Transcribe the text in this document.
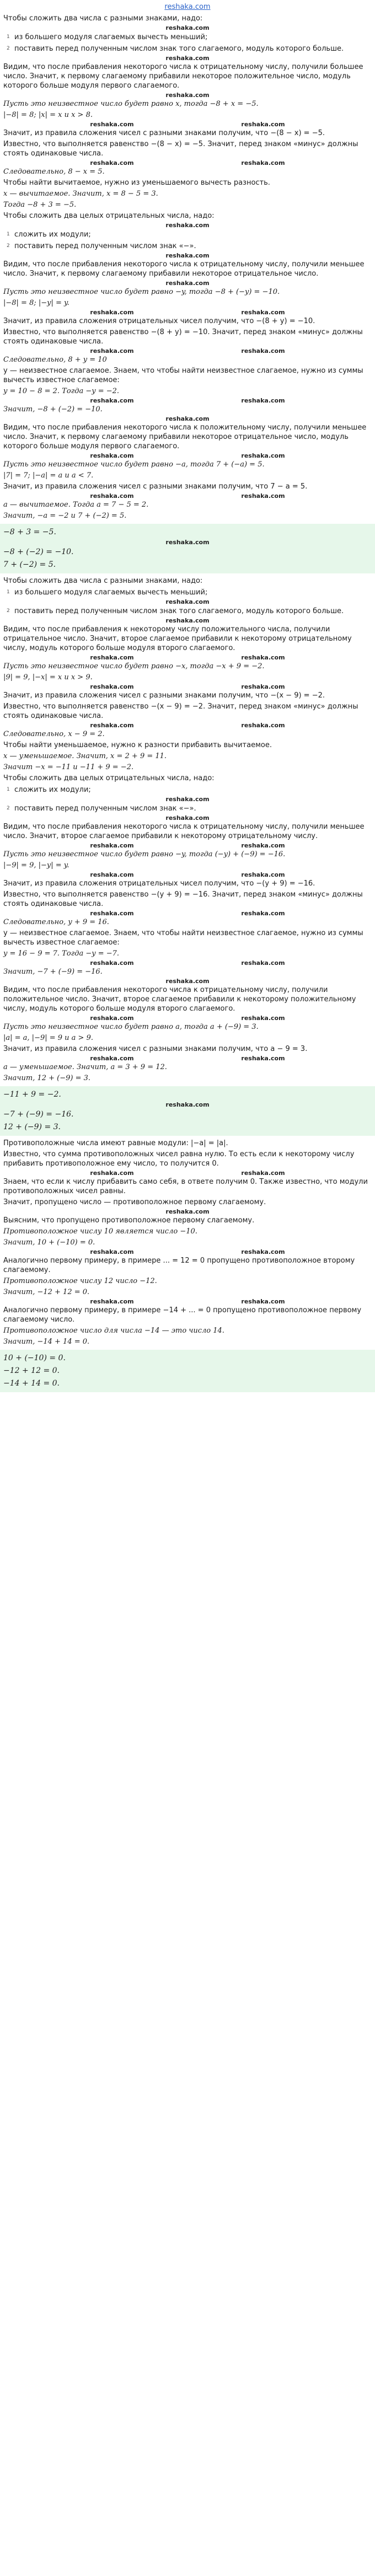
reshaka.com
Чтобы сложить два числа с разными знаками, надо:
reshaka.com
1 из большего модуля слагаемых вычесть меньший;
2 поставить перед полученным числом знак того слагаемого, модуль которого больше.
reshaka.com
Видим, что после прибавления некоторого числа к отрицательному числу, получили большее число. Значит, к первому слагаемому прибавили некоторое положительное число, модуль которого больше модуля первого слагаемого.
reshaka.com
Пусть это неизвестное число будет равно x, тогда −8 + x = −5.
|−8| = 8; |x| = x и x > 8.
reshaka.com	reshaka.com
Значит, из правила сложения чисел с разными знаками получим, что −(8 − x) = −5.
Известно, что выполняется равенство −(8 − x) = −5. Значит, перед знаком «минус» должны стоять одинаковые числа.
reshaka.com	reshaka.com
Следовательно, 8 − x = 5.
Чтобы найти вычитаемое, нужно из уменьшаемого вычесть разность.
x — вычитаемое. Значит, x = 8 − 5 = 3.
Тогда −8 + 3 = −5.
Чтобы сложить два целых отрицательных числа, надо:
reshaka.com
1 сложить их модули;
2 поставить перед полученным числом знак «−».
reshaka.com
Видим, что после прибавления некоторого числа к отрицательному числу, получили меньшее число. Значит, к первому слагаемому прибавили некоторое отрицательное число.
reshaka.com
Пусть это неизвестное число будет равно −y, тогда −8 + (−y) = −10.
|−8| = 8; |−y| = y.
reshaka.com	reshaka.com
Значит, из правила сложения отрицательных чисел получим, что −(8 + y) = −10.
Известно, что выполняется равенство −(8 + y) = −10. Значит, перед знаком «минус» должны стоять одинаковые числа.
reshaka.com	reshaka.com
Следовательно, 8 + y = 10
y — неизвестное слагаемое. Знаем, что чтобы найти неизвестное слагаемое, нужно из суммы вычесть известное слагаемое:
y = 10 − 8 = 2. Тогда −y = −2.
reshaka.com	reshaka.com
Значит, −8 + (−2) = −10.
reshaka.com
Видим, что после прибавления некоторого числа к положительному числу, получили меньшее число. Значит, к первому слагаемому прибавили некоторое отрицательное число, модуль которого больше модуля первого слагаемого.
reshaka.com	reshaka.com
Пусть это неизвестное число будет равно −a, тогда 7 + (−a) = 5.
|7| = 7; |−a| = a и a < 7.
Значит, из правила сложения чисел с разными знаками получим, что 7 − a = 5.
reshaka.com	reshaka.com
a — вычитаемое. Тогда a = 7 − 5 = 2.
Значит, −a = −2 и 7 + (−2) = 5.
−8 + 3 = −5.
reshaka.com
−8 + (−2) = −10.
7 + (−2) = 5.
Чтобы сложить два числа с разными знаками, надо:
1 из большего модуля слагаемых вычесть меньший;
reshaka.com
2 поставить перед полученным числом знак того слагаемого, модуль которого больше.
reshaka.com
Видим, что после прибавления к некоторому числу положительного числа, получили отрицательное число. Значит, второе слагаемое прибавили к некоторому отрицательному числу, модуль которого больше модуля второго слагаемого.
reshaka.com	reshaka.com
Пусть это неизвестное число будет равно −x, тогда −x + 9 = −2.
|9| = 9, |−x| = x и x > 9.
reshaka.com	reshaka.com
Значит, из правила сложения чисел с разными знаками получим, что −(x − 9) = −2.
Известно, что выполняется равенство −(x − 9) = −2. Значит, перед знаком «минус» должны стоять одинаковые числа.
reshaka.com	reshaka.com
Следовательно, x − 9 = 2.
Чтобы найти уменьшаемое, нужно к разности прибавить вычитаемое.
x — уменьшаемое. Значит, x = 2 + 9 = 11.
Значит −x = −11 и −11 + 9 = −2.
Чтобы сложить два целых отрицательных числа, надо:
1 сложить их модули;
reshaka.com
2 поставить перед полученным числом знак «−».
reshaka.com
Видим, что после прибавления некоторого числа к отрицательному числу, получили меньшее число. Значит, второе слагаемое прибавили к некоторому отрицательному числу.
reshaka.com	reshaka.com
Пусть это неизвестное число будет равно −y, тогда (−y) + (−9) = −16.
|−9| = 9, |−y| = y.
reshaka.com	reshaka.com
Значит, из правила сложения отрицательных чисел получим, что −(y + 9) = −16.
Известно, что выполняется равенство −(y + 9) = −16. Значит, перед знаком «минус» должны стоять одинаковые числа.
reshaka.com	reshaka.com
Следовательно, y + 9 = 16.
y — неизвестное слагаемое. Знаем, что чтобы найти неизвестное слагаемое, нужно из суммы вычесть известное слагаемое:
y = 16 − 9 = 7. Тогда −y = −7.
reshaka.com	reshaka.com
Значит, −7 + (−9) = −16.
reshaka.com
Видим, что после прибавления некоторого числа к отрицательному числу, получили положительное число. Значит, второе слагаемое прибавили к некоторому положительному числу, модуль которого больше модуля второго слагаемого.
reshaka.com	reshaka.com
Пусть это неизвестное число будет равно a, тогда a + (−9) = 3.
|a| = a, |−9| = 9 и a > 9.
Значит, из правила сложения чисел с разными знаками получим, что a − 9 = 3.
reshaka.com	reshaka.com
a — уменьшаемое. Значит, a = 3 + 9 = 12.
Значит, 12 + (−9) = 3.
−11 + 9 = −2.
reshaka.com
−7 + (−9) = −16.
12 + (−9) = 3.
Противоположные числа имеют равные модули: |−a| = |a|.
Известно, что сумма противоположных чисел равна нулю. То есть если к некоторому числу прибавить противоположное ему число, то получится 0.
reshaka.com	reshaka.com
Знаем, что если к числу прибавить само себя, в ответе получим 0. Также известно, что модули противоположных чисел равны.
Значит, пропущено число — противоположное первому слагаемому.
reshaka.com
Выясним, что пропущено противоположное первому слагаемому.
Противоположное числу 10 является число −10.
Значит, 10 + (−10) = 0.
reshaka.com	reshaka.com
Аналогично первому примеру, в примере ... = 12 = 0 пропущено противоположное второму слагаемому.
Противоположное числу 12 число −12.
Значит, −12 + 12 = 0.
reshaka.com	reshaka.com
Аналогично первому примеру, в примере −14 + ... = 0 пропущено противоположное первому слагаемому число.
Противоположное число для числа −14 — это число 14.
Значит, −14 + 14 = 0.
10 + (−10) = 0.
−12 + 12 = 0.
−14 + 14 = 0.
